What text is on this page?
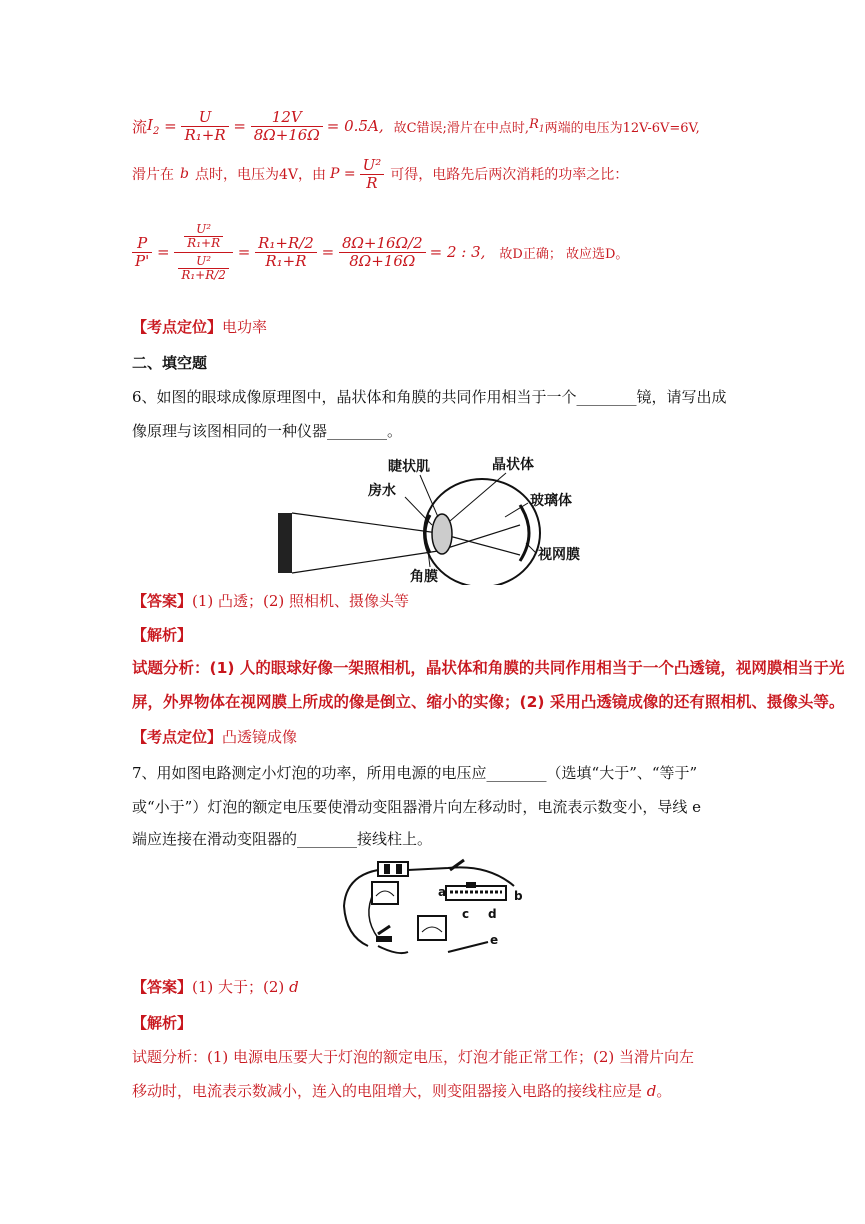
流 $I_2 = \frac{U}{\text{R₁+R}} = \frac{12V}{8\Omega+16\Omega} = 0.5A$, 故C错误;滑片在中点时, $R_1$ 两端的电压为12V-6V=6V,
滑片在 b 点时，电压为4V，由 $P = \frac{\text{U²}}{R}$ 可得，电路先后两次消耗的功率之比：
$\frac{P}{P'} = \frac{\frac{\text{U²}}{\text{R₁+R}}}{\frac{\text{U²}}{\text{R₁+R/2}}} = \frac{\text{R₁+R/2}}{\text{R₁+R}} = \frac{8\Omega+16\Omega/2}{8\Omega+16\Omega} = 2$ : 3, 故D正确； 故应选D。
【考点定位】电功率
二、填空题
6、如图的眼球成像原理图中，晶状体和角膜的共同作用相当于一个________镜，请写出成
像原理与该图相同的一种仪器________。
睫状肌	晶状体
房水
玻璃体
视网膜
角膜
【答案】(1) 凸透；(2) 照相机、摄像头等
【解析】
试题分析：(1) 人的眼球好像一架照相机，晶状体和角膜的共同作用相当于一个凸透镜，视网膜相当于光
屏，外界物体在视网膜上所成的像是倒立、缩小的实像；(2) 采用凸透镜成像的还有照相机、摄像头等。
【考点定位】凸透镜成像
7、用如图电路测定小灯泡的功率，所用电源的电压应________（选填“大于”、“等于”
或“小于”）灯泡的额定电压要使滑动变阻器滑片向左移动时，电流表示数变小，导线 e
端应连接在滑动变阻器的________接线柱上。
a	b
c d
e
【答案】(1) 大于；(2) d
【解析】
试题分析：(1) 电源电压要大于灯泡的额定电压，灯泡才能正常工作；(2) 当滑片向左
移动时，电流表示数减小，连入的电阻增大，则变阻器接入电路的接线柱应是 d。
